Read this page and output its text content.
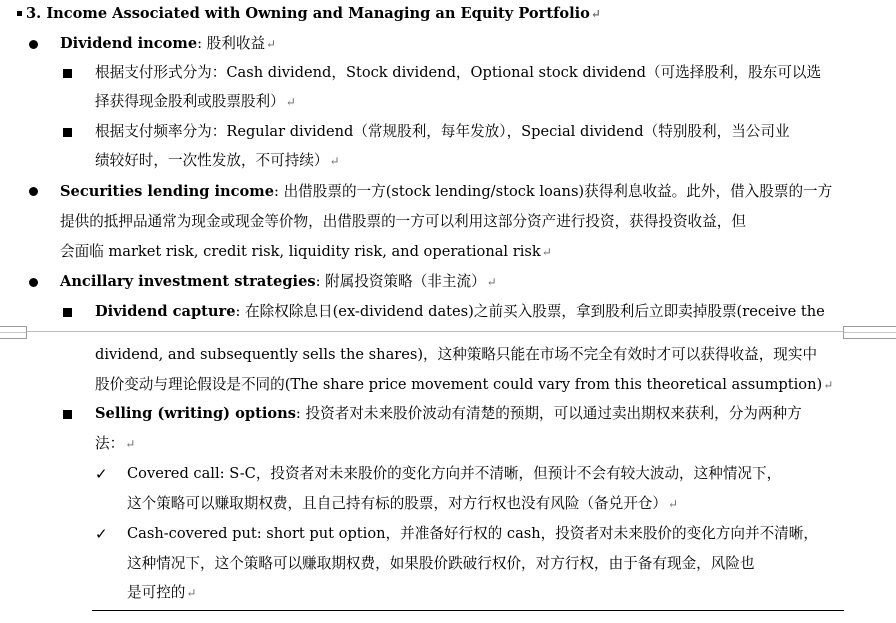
3. Income Associated with Owning and Managing an Equity Portfolio↵
Dividend income: 股利收益↵
根据支付形式分为：Cash dividend，Stock dividend，Optional stock dividend（可选择股利，股东可以选
择获得现金股利或股票股利）↵
根据支付频率分为：Regular dividend（常规股利，每年发放），Special dividend（特别股利，当公司业
绩较好时，一次性发放，不可持续）↵
Securities lending income: 出借股票的一方(stock lending/stock loans)获得利息收益。此外，借入股票的一方
提供的抵押品通常为现金或现金等价物，出借股票的一方可以利用这部分资产进行投资，获得投资收益，但
会面临 market risk, credit risk, liquidity risk, and operational risk↵
Ancillary investment strategies: 附属投资策略（非主流）↵
Dividend capture: 在除权除息日(ex-dividend dates)之前买入股票，拿到股利后立即卖掉股票(receive the
dividend, and subsequently sells the shares)，这种策略只能在市场不完全有效时才可以获得收益，现实中
股价变动与理论假设是不同的(The share price movement could vary from this theoretical assumption)↵
Selling (writing) options: 投资者对未来股价波动有清楚的预期，可以通过卖出期权来获利，分为两种方
法：↵
✓ Covered call: S-C，投资者对未来股价的变化方向并不清晰，但预计不会有较大波动，这种情况下，
这个策略可以赚取期权费，且自己持有标的股票，对方行权也没有风险（备兑开仓）↵
✓ Cash-covered put: short put option，并准备好行权的 cash，投资者对未来股价的变化方向并不清晰，
这种情况下，这个策略可以赚取期权费，如果股价跌破行权价，对方行权，由于备有现金，风险也
是可控的↵
